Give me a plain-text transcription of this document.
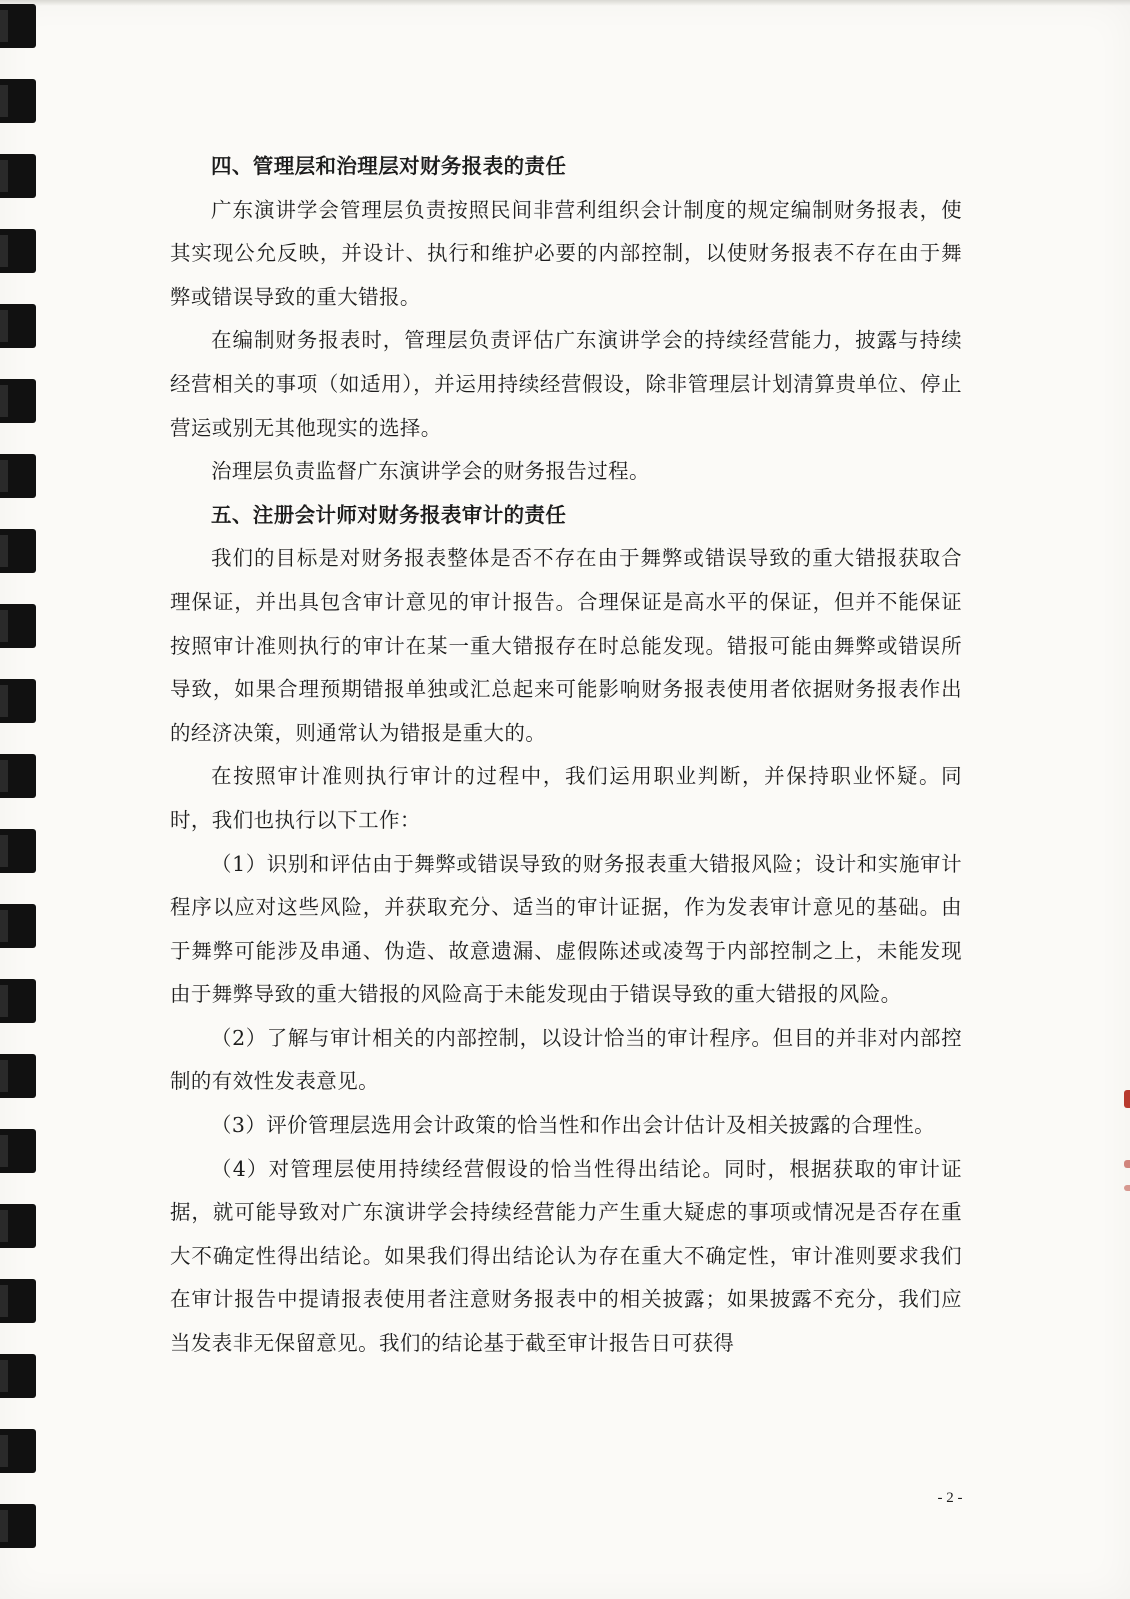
四、管理层和治理层对财务报表的责任

广东演讲学会管理层负责按照民间非营利组织会计制度的规定编制财务报表，使其实现公允反映，并设计、执行和维护必要的内部控制，以使财务报表不存在由于舞弊或错误导致的重大错报。

在编制财务报表时，管理层负责评估广东演讲学会的持续经营能力，披露与持续经营相关的事项（如适用），并运用持续经营假设，除非管理层计划清算贵单位、停止营运或别无其他现实的选择。

治理层负责监督广东演讲学会的财务报告过程。

五、注册会计师对财务报表审计的责任

我们的目标是对财务报表整体是否不存在由于舞弊或错误导致的重大错报获取合理保证，并出具包含审计意见的审计报告。合理保证是高水平的保证，但并不能保证按照审计准则执行的审计在某一重大错报存在时总能发现。错报可能由舞弊或错误所导致，如果合理预期错报单独或汇总起来可能影响财务报表使用者依据财务报表作出的经济决策，则通常认为错报是重大的。

在按照审计准则执行审计的过程中，我们运用职业判断，并保持职业怀疑。同时，我们也执行以下工作：

（1）识别和评估由于舞弊或错误导致的财务报表重大错报风险；设计和实施审计程序以应对这些风险，并获取充分、适当的审计证据，作为发表审计意见的基础。由于舞弊可能涉及串通、伪造、故意遗漏、虚假陈述或凌驾于内部控制之上，未能发现由于舞弊导致的重大错报的风险高于未能发现由于错误导致的重大错报的风险。

（2）了解与审计相关的内部控制，以设计恰当的审计程序。但目的并非对内部控制的有效性发表意见。

（3）评价管理层选用会计政策的恰当性和作出会计估计及相关披露的合理性。

（4）对管理层使用持续经营假设的恰当性得出结论。同时，根据获取的审计证据，就可能导致对广东演讲学会持续经营能力产生重大疑虑的事项或情况是否存在重大不确定性得出结论。如果我们得出结论认为存在重大不确定性，审计准则要求我们在审计报告中提请报表使用者注意财务报表中的相关披露；如果披露不充分，我们应当发表非无保留意见。我们的结论基于截至审计报告日可获得

- 2 -
